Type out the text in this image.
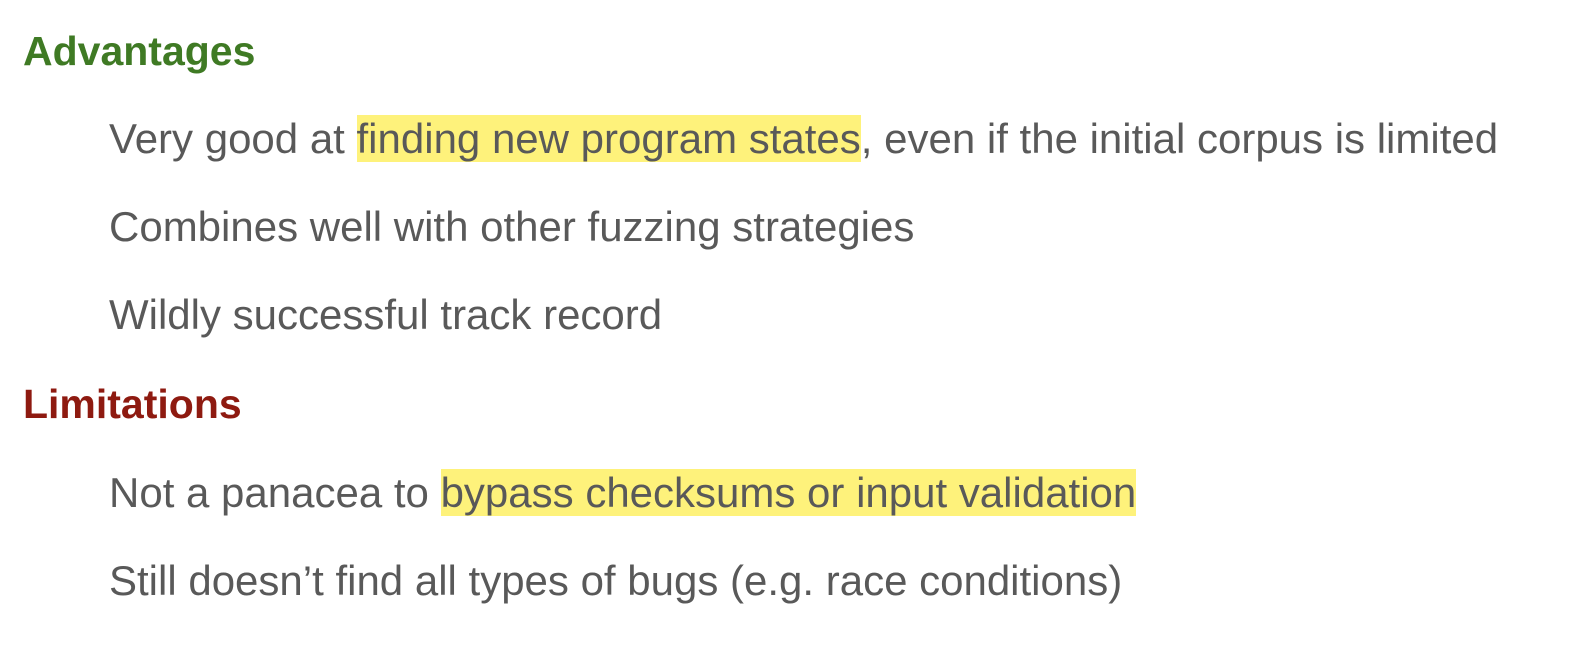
Advantages

Very good at finding new program states, even if the initial corpus is limited

Combines well with other fuzzing strategies

Wildly successful track record

Limitations

Not a panacea to bypass checksums or input validation

Still doesn’t find all types of bugs (e.g. race conditions)
